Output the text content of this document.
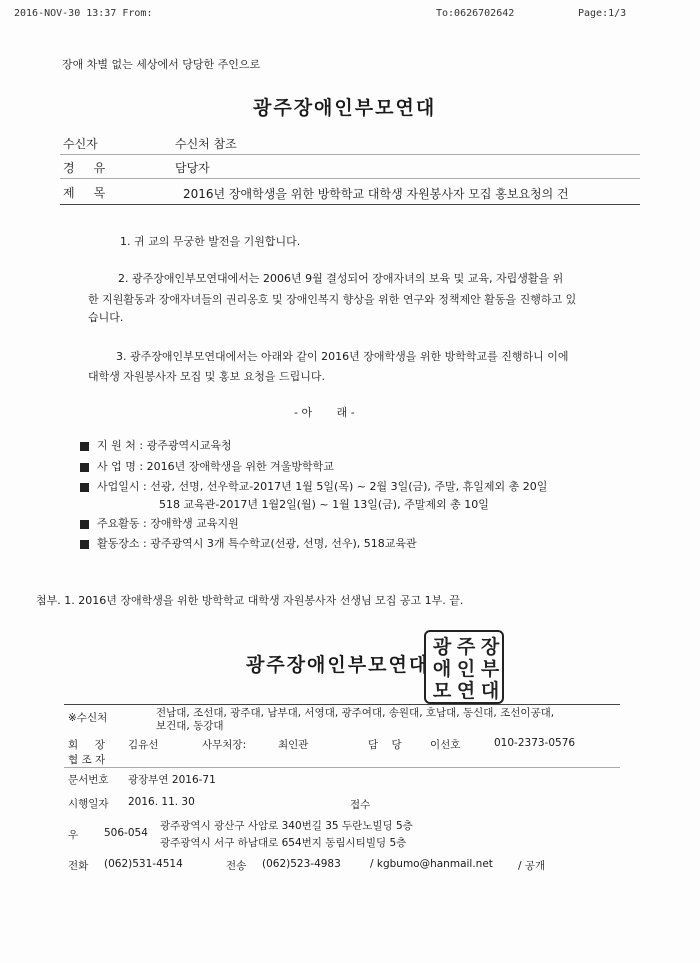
2016-NOV-30 13:37 From:	To:0626702642	Page:1/3
장애 차별 없는 세상에서 당당한 주인으로
광주장애인부모연대
수신자	수신처 참조
경     유	담당자
제     목	2016년 장애학생을 위한 방학학교 대학생 자원봉사자 모집 홍보요청의 건
1. 귀 교의 무궁한 발전을 기원합니다.
2. 광주장애인부모연대에서는 2006년 9월 결성되어 장애자녀의 보육 및 교육, 자립생활을 위
한 지원활동과 장애자녀들의 권리옹호 및 장애인복지 향상을 위한 연구와 정책제안 활동을 진행하고 있
습니다.
3. 광주장애인부모연대에서는 아래와 같이 2016년 장애학생을 위한 방학학교를 진행하니 이에
대학생 자원봉사자 모집 및 홍보 요청을 드립니다.
- 아       래 -
지 원 처 : 광주광역시교육청
사 업 명 : 2016년 장애학생을 위한 겨울방학학교
사업일시 : 선광, 선명, 선우학교-2017년 1월 5일(목) ~ 2월 3일(금), 주말, 휴일제외 총 20일
518 교육관-2017년 1월2일(월) ~ 1월 13일(금), 주말제외 총 10일
주요활동 : 장애학생 교육지원
활동장소 : 광주광역시 3개 특수학교(선광, 선명, 선우), 518교육관
첨부. 1. 2016년 장애학생을 위한 방학학교 대학생 자원봉사자 선생님 모집 공고 1부. 끝.
광주장애인부모연대
광 주 장
애 인 부
모 연 대
※수신처	전남대, 조선대, 광주대, 남부대, 서영대, 광주여대, 송원대, 호남대, 동신대, 조선이공대,
보건대, 동강대
회     장 김유선	사무처장:	최인관	담    당	이선호	010-2373-0576
협 조 자
문서번호 광장부연 2016-71
시행일자 2016. 11. 30	접수
우 506-054
광주광역시 광산구 사암로 340번길 35 두란노빌딩 5층
광주광역시 서구 하남대로 654번지 동림시티빌딩 5층
전화 (062)531-4514	전송 (062)523-4983	/ kgbumo@hanmail.net / 공개
